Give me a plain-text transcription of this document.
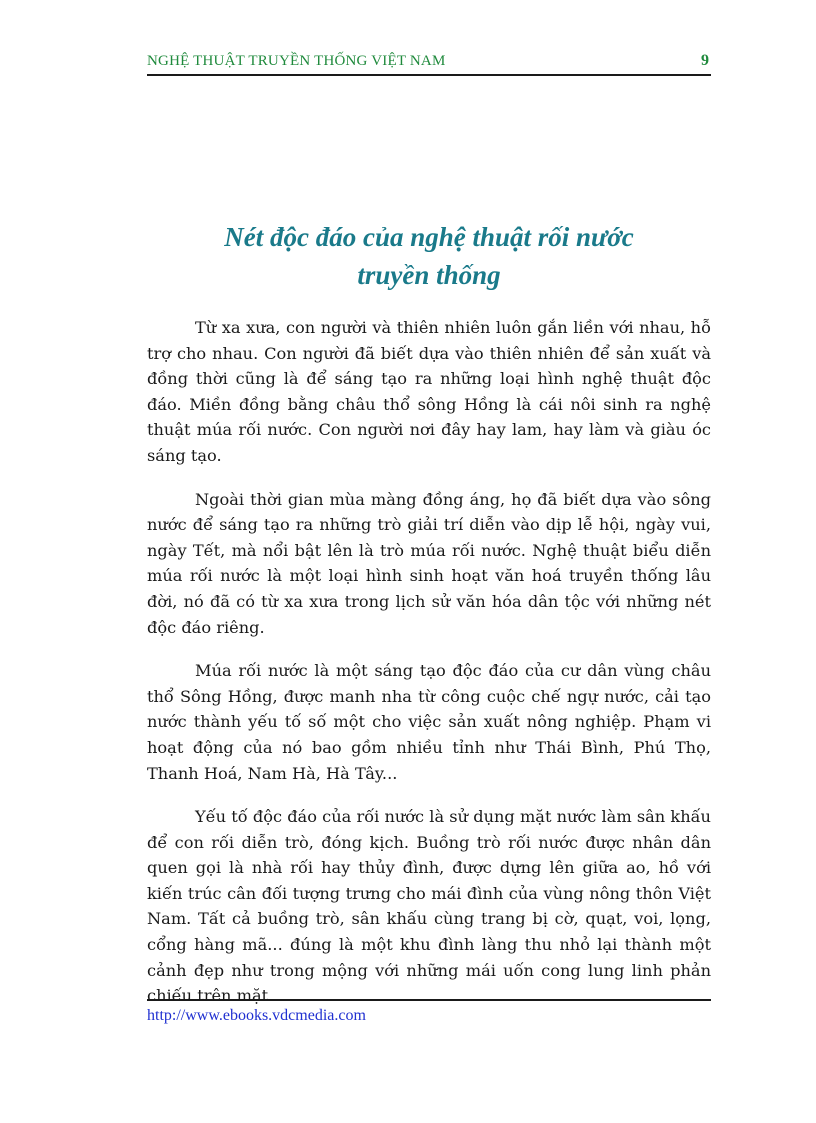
NGHỆ THUẬT TRUYỀN THỐNG VIỆT NAM	9
Nét độc đáo của nghệ thuật rối nước
truyền thống

Từ xa xưa, con người và thiên nhiên luôn gắn liền với nhau, hỗ trợ cho nhau. Con người đã biết dựa vào thiên nhiên để sản xuất và đồng thời cũng là để sáng tạo ra những loại hình nghệ thuật độc đáo. Miền đồng bằng châu thổ sông Hồng là cái nôi sinh ra nghệ thuật múa rối nước. Con người nơi đây hay lam, hay làm và giàu óc sáng tạo.

Ngoài thời gian mùa màng đồng áng, họ đã biết dựa vào sông nước để sáng tạo ra những trò giải trí diễn vào dịp lễ hội, ngày vui, ngày Tết, mà nổi bật lên là trò múa rối nước. Nghệ thuật biểu diễn múa rối nước là một loại hình sinh hoạt văn hoá truyền thống lâu đời, nó đã có từ xa xưa trong lịch sử văn hóa dân tộc với những nét độc đáo riêng.

Múa rối nước là một sáng tạo độc đáo của cư dân vùng châu thổ Sông Hồng, được manh nha từ công cuộc chế ngự nước, cải tạo nước thành yếu tố số một cho việc sản xuất nông nghiệp. Phạm vi hoạt động của nó bao gồm nhiều tỉnh như Thái Bình, Phú Thọ, Thanh Hoá, Nam Hà, Hà Tây...

Yếu tố độc đáo của rối nước là sử dụng mặt nước làm sân khấu để con rối diễn trò, đóng kịch. Buồng trò rối nước được nhân dân quen gọi là nhà rối hay thủy đình, được dựng lên giữa ao, hồ với kiến trúc cân đối tượng trưng cho mái đình của vùng nông thôn Việt Nam. Tất cả buồng trò, sân khấu cùng trang bị cờ, quạt, voi, lọng, cổng hàng mã... đúng là một khu đình làng thu nhỏ lại thành một cảnh đẹp như trong mộng với những mái uốn cong lung linh phản chiếu trên mặt

http://www.ebooks.vdcmedia.com
